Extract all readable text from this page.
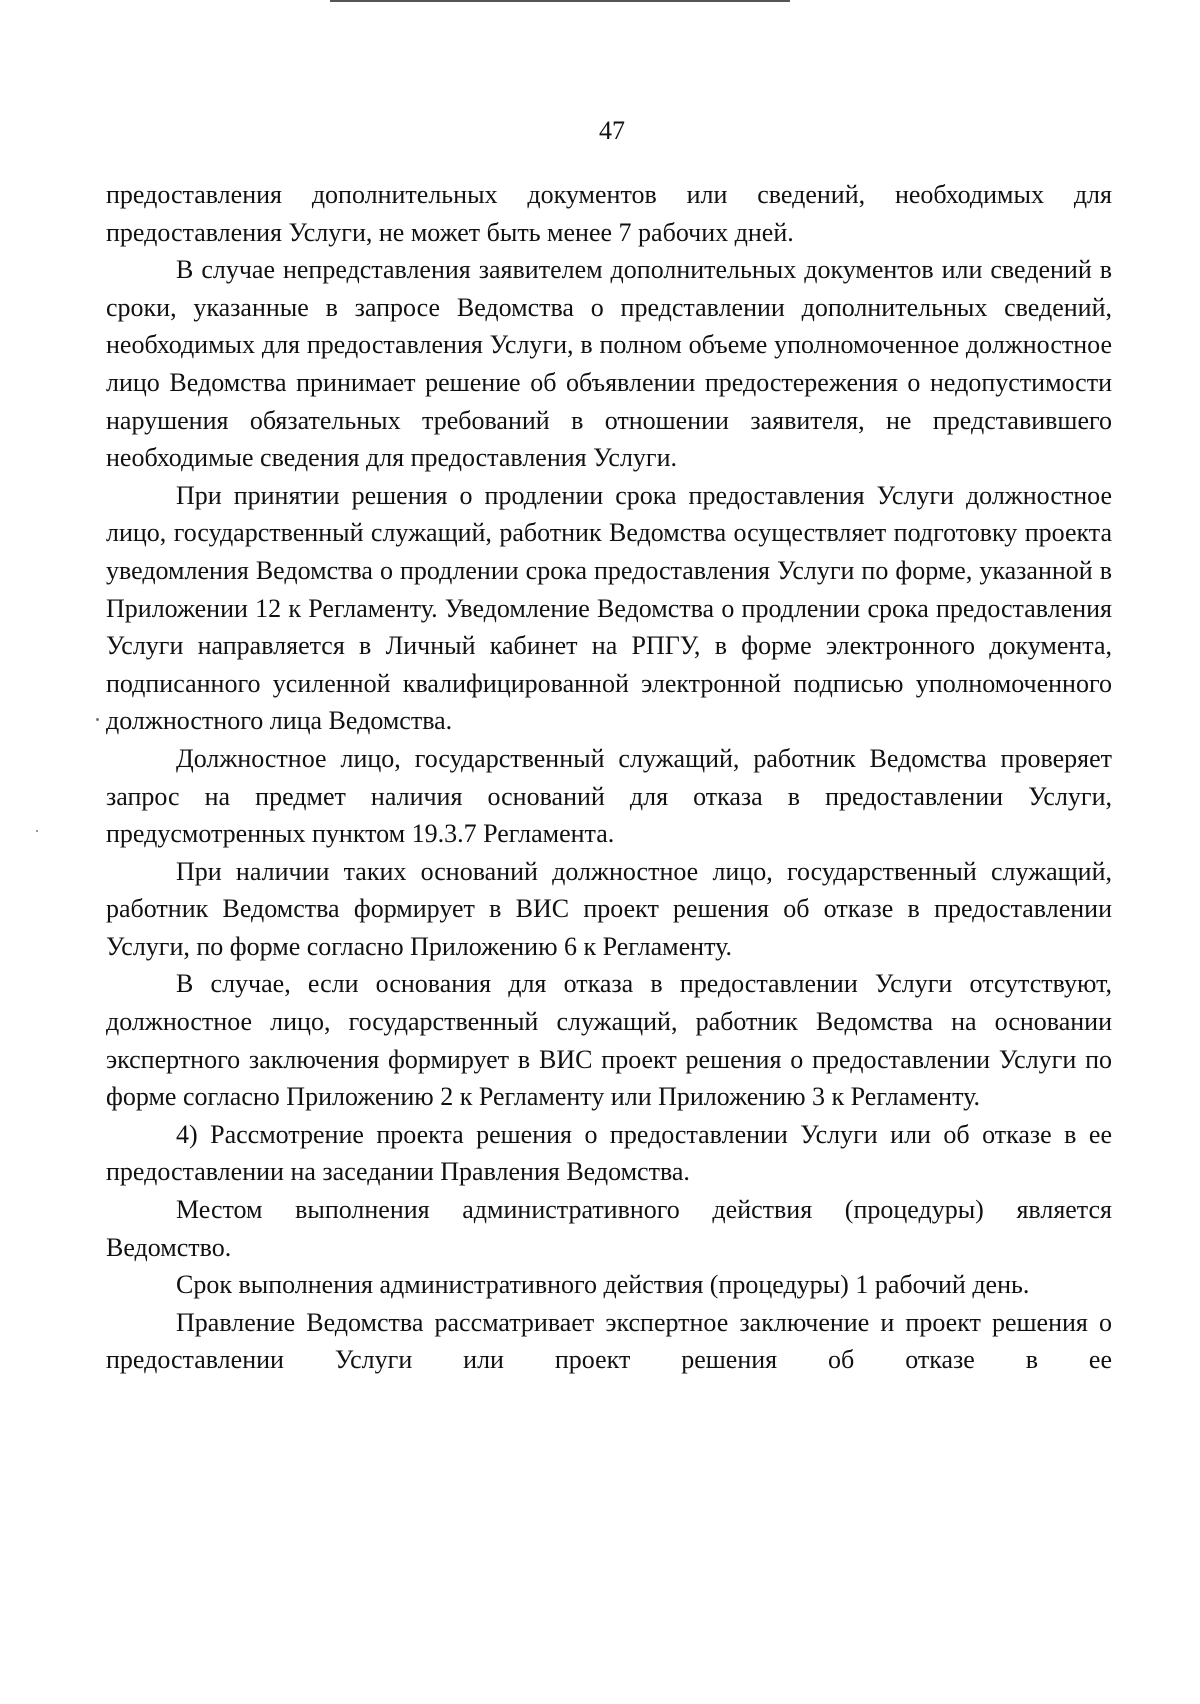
47

предоставления дополнительных документов или сведений, необходимых для предоставления Услуги, не может быть менее 7 рабочих дней.

В случае непредставления заявителем дополнительных документов или сведений в сроки, указанные в запросе Ведомства о представлении дополнительных сведений, необходимых для предоставления Услуги, в полном объеме уполномоченное должностное лицо Ведомства принимает решение об объявлении предостережения о недопустимости нарушения обязательных требований в отношении заявителя, не представившего необходимые сведения для предоставления Услуги.

При принятии решения о продлении срока предоставления Услуги должностное лицо, государственный служащий, работник Ведомства осуществляет подготовку проекта уведомления Ведомства о продлении срока предоставления Услуги по форме, указанной в Приложении 12 к Регламенту. Уведомление Ведомства о продлении срока предоставления Услуги направляется в Личный кабинет на РПГУ, в форме электронного документа, подписанного усиленной квалифицированной электронной подписью уполномоченного должностного лица Ведомства.

Должностное лицо, государственный служащий, работник Ведомства проверяет запрос на предмет наличия оснований для отказа в предоставлении Услуги, предусмотренных пунктом 19.3.7 Регламента.

При наличии таких оснований должностное лицо, государственный служащий, работник Ведомства формирует в ВИС проект решения об отказе в предоставлении Услуги, по форме согласно Приложению 6 к Регламенту.

В случае, если основания для отказа в предоставлении Услуги отсутствуют, должностное лицо, государственный служащий, работник Ведомства на основании экспертного заключения формирует в ВИС проект решения о предоставлении Услуги по форме согласно Приложению 2 к Регламенту или Приложению 3 к Регламенту.

4) Рассмотрение проекта решения о предоставлении Услуги или об отказе в ее предоставлении на заседании Правления Ведомства.

Местом выполнения административного действия (процедуры) является Ведомство.

Срок выполнения административного действия (процедуры) 1 рабочий день.

Правление Ведомства рассматривает экспертное заключение и проект решения о предоставлении Услуги или проект решения об отказе в ее
